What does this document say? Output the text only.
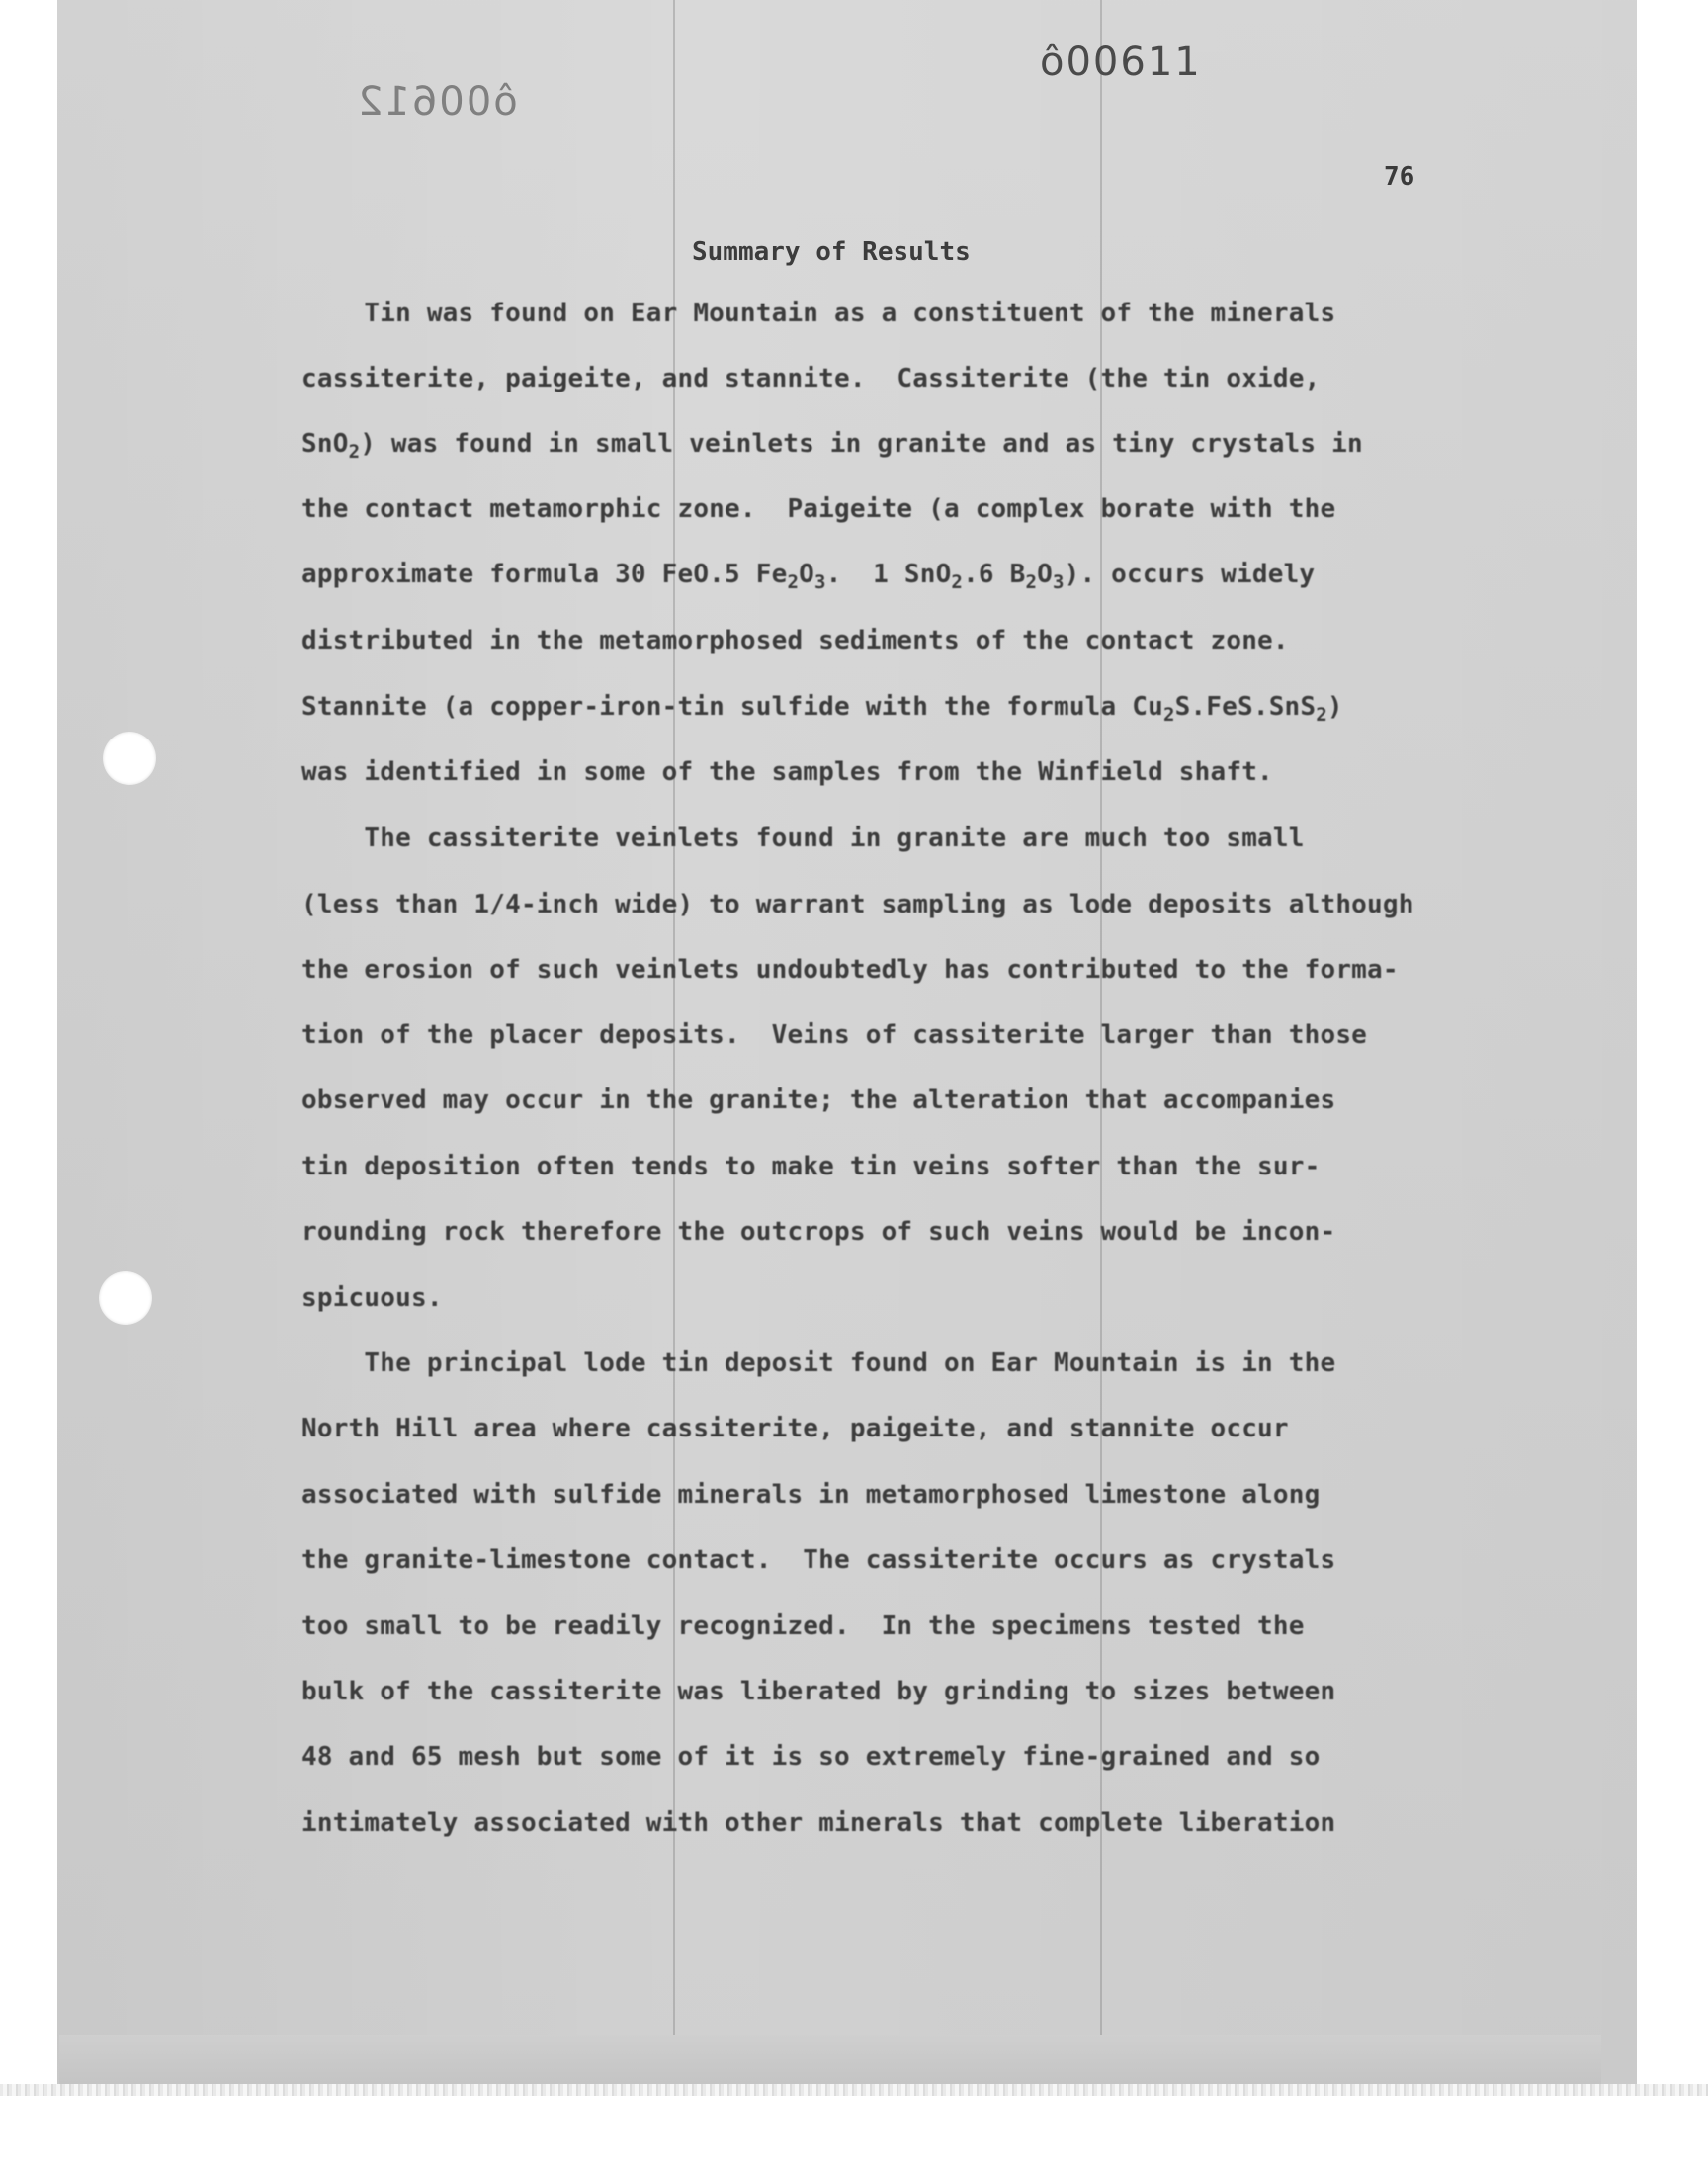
ô00611
ô00612
76
Summary of Results
Tin was found on Ear Mountain as a constituent of the minerals
cassiterite, paigeite, and stannite.  Cassiterite (the tin oxide,
SnO$_2$) was found in small veinlets in granite and as tiny crystals in
the contact metamorphic zone.  Paigeite (a complex borate with the
approximate formula 30 FeO.5 $Fe_2O_3$.  1 SnO$_2$.6 $B_2O_3$). occurs widely
distributed in the metamorphosed sediments of the contact zone.
Stannite (a copper-iron-tin sulfide with the formula $Cu_2S.FeS.SnS_2$)
was identified in some of the samples from the Winfield shaft.
The cassiterite veinlets found in granite are much too small
(less than 1/4-inch wide) to warrant sampling as lode deposits although
the erosion of such veinlets undoubtedly has contributed to the forma-
tion of the placer deposits.  Veins of cassiterite larger than those
observed may occur in the granite; the alteration that accompanies
tin deposition often tends to make tin veins softer than the sur-
rounding rock therefore the outcrops of such veins would be incon-
spicuous.
The principal lode tin deposit found on Ear Mountain is in the
North Hill area where cassiterite, paigeite, and stannite occur
associated with sulfide minerals in metamorphosed limestone along
the granite-limestone contact.  The cassiterite occurs as crystals
too small to be readily recognized.  In the specimens tested the
bulk of the cassiterite was liberated by grinding to sizes between
48 and 65 mesh but some of it is so extremely fine-grained and so
intimately associated with other minerals that complete liberation
